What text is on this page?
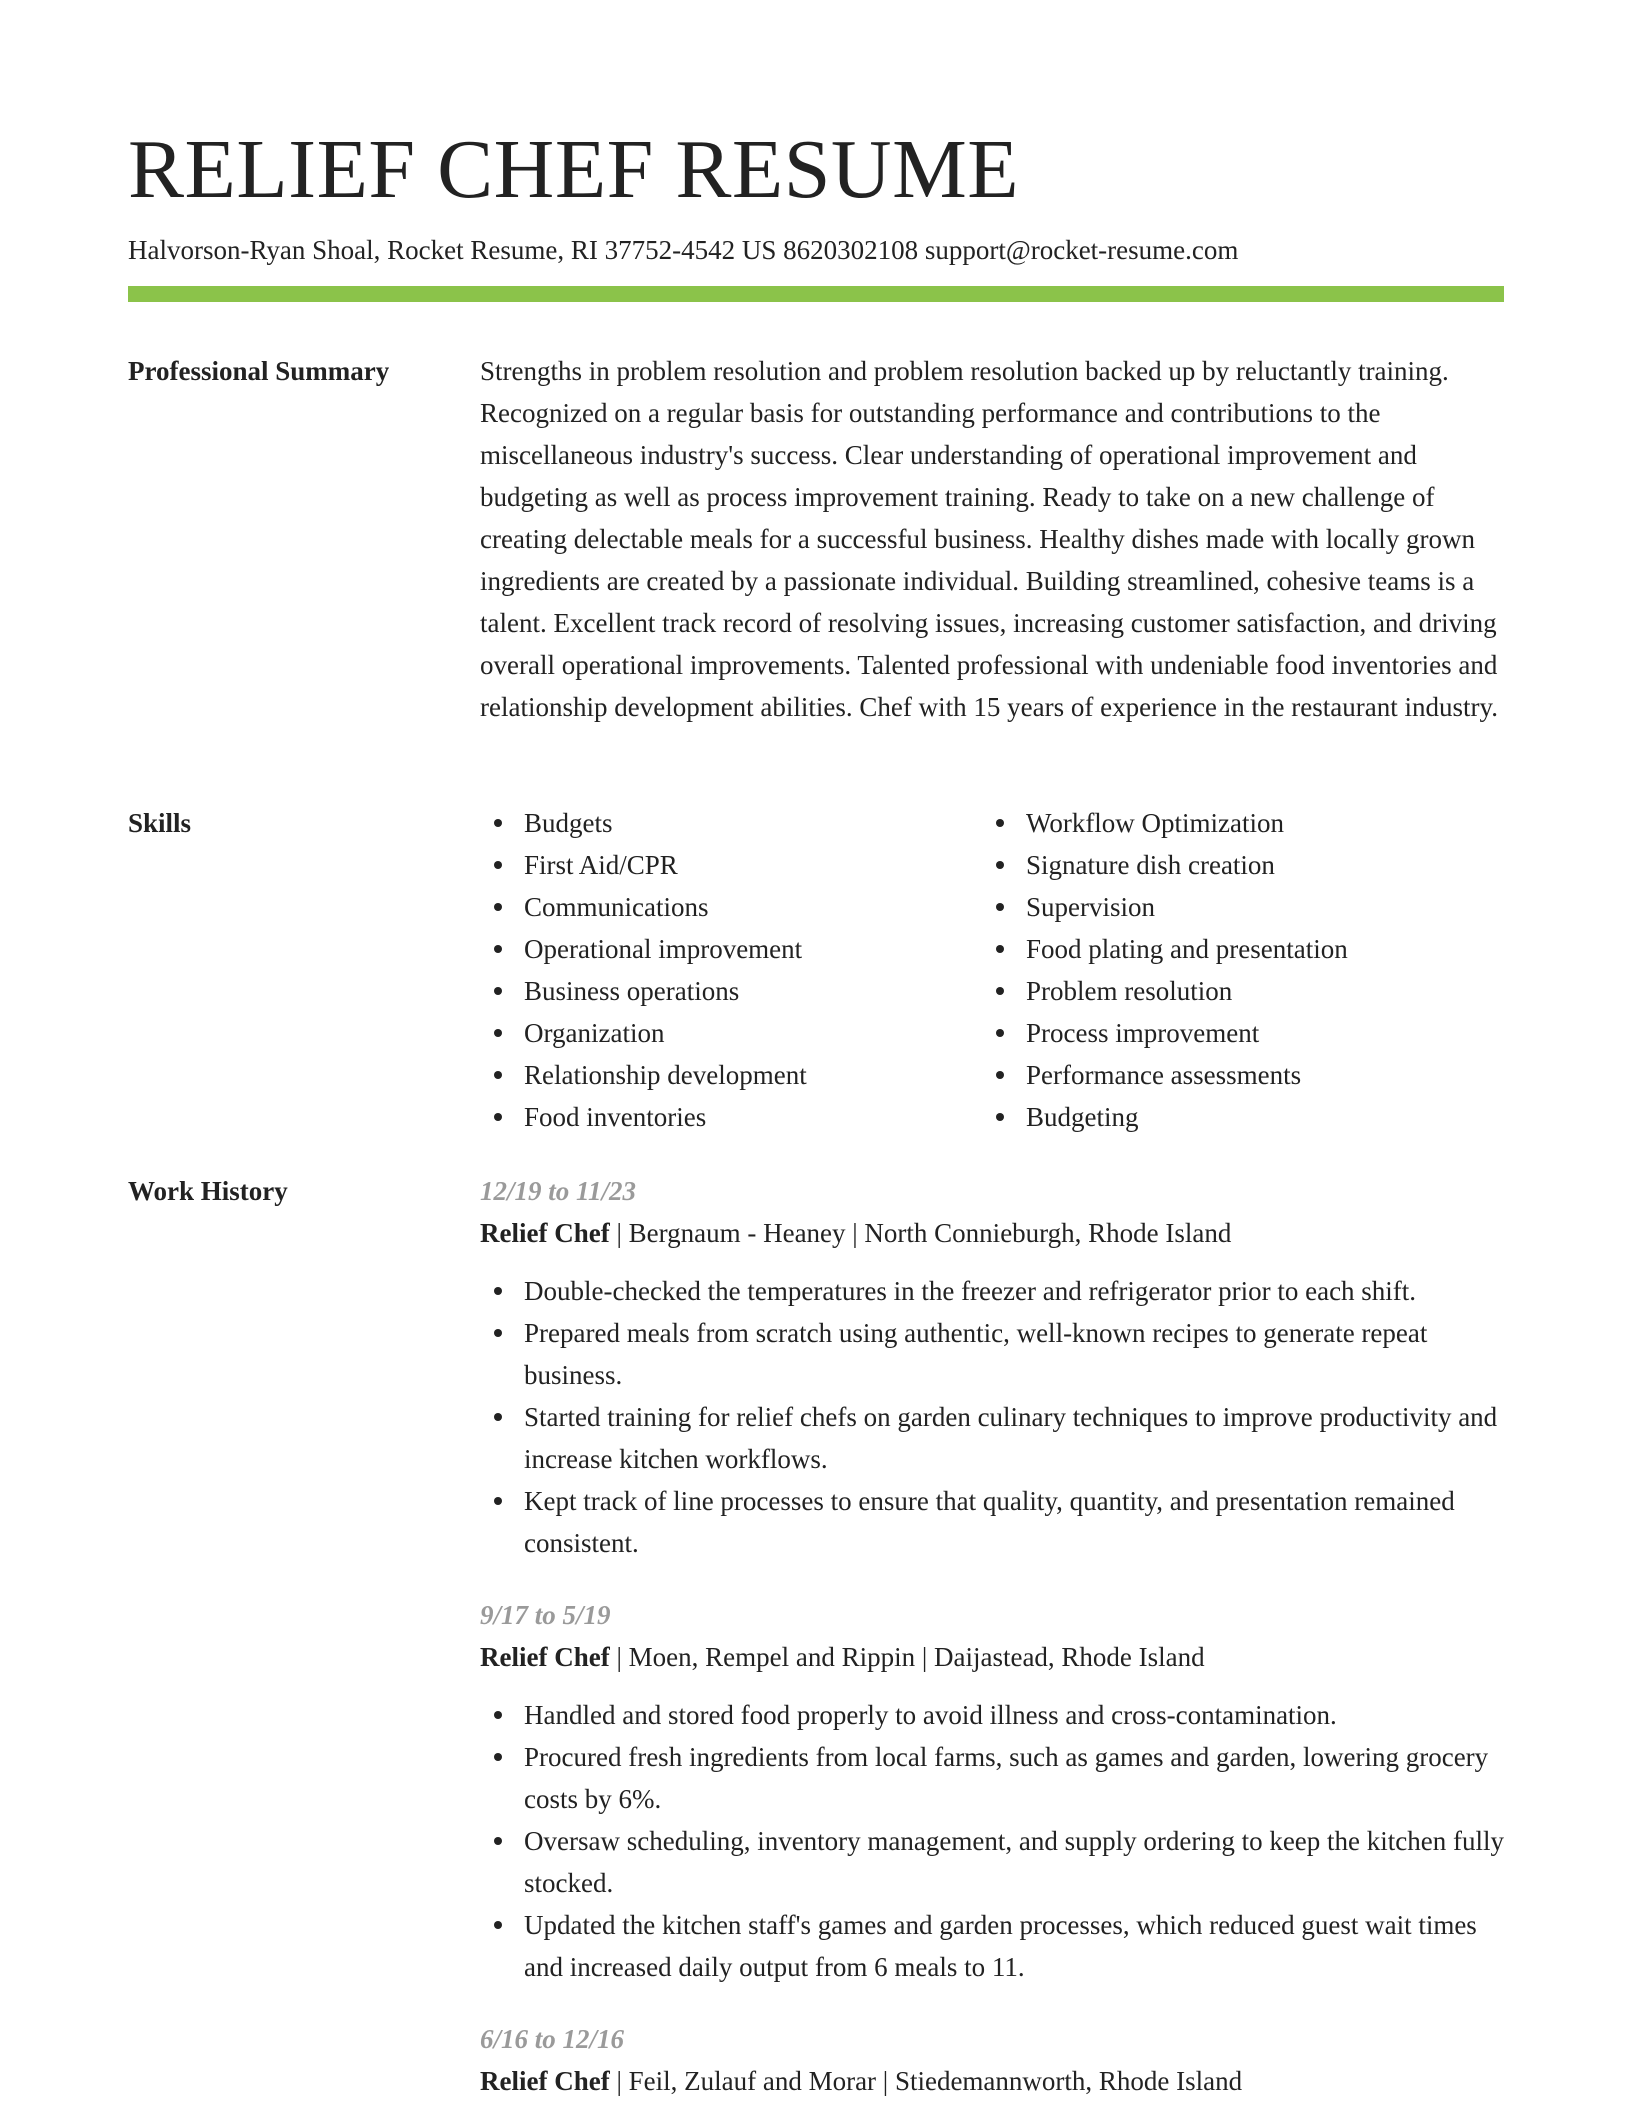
RELIEF CHEF RESUME
Halvorson-Ryan Shoal, Rocket Resume, RI 37752-4542 US 8620302108 support@rocket-resume.com
Professional Summary	Strengths in problem resolution and problem resolution backed up by reluctantly training. Recognized on a regular basis for outstanding performance and contributions to the miscellaneous industry's success. Clear understanding of operational improvement and budgeting as well as process improvement training. Ready to take on a new challenge of creating delectable meals for a successful business. Healthy dishes made with locally grown ingredients are created by a passionate individual. Building streamlined, cohesive teams is a talent. Excellent track record of resolving issues, increasing customer satisfaction, and driving overall operational improvements. Talented professional with undeniable food inventories and relationship development abilities. Chef with 15 years of experience in the restaurant industry.

Skills	Budgets
First Aid/CPR
Communications
Operational improvement
Business operations
Organization
Relationship development
Food inventories
Workflow Optimization
Signature dish creation
Supervision
Food plating and presentation
Problem resolution
Process improvement
Performance assessments
Budgeting
Work History	12/19 to 11/23
Relief Chef | Bergnaum - Heaney | North Connieburgh, Rhode Island
Double-checked the temperatures in the freezer and refrigerator prior to each shift.
Prepared meals from scratch using authentic, well-known recipes to generate repeat business.
Started training for relief chefs on garden culinary techniques to improve productivity and increase kitchen workflows.
Kept track of line processes to ensure that quality, quantity, and presentation remained consistent.
9/17 to 5/19
Relief Chef | Moen, Rempel and Rippin | Daijastead, Rhode Island
Handled and stored food properly to avoid illness and cross-contamination.
Procured fresh ingredients from local farms, such as games and garden, lowering grocery costs by 6%.
Oversaw scheduling, inventory management, and supply ordering to keep the kitchen fully stocked.
Updated the kitchen staff's games and garden processes, which reduced guest wait times and increased daily output from 6 meals to 11.
6/16 to 12/16
Relief Chef | Feil, Zulauf and Morar | Stiedemannworth, Rhode Island
